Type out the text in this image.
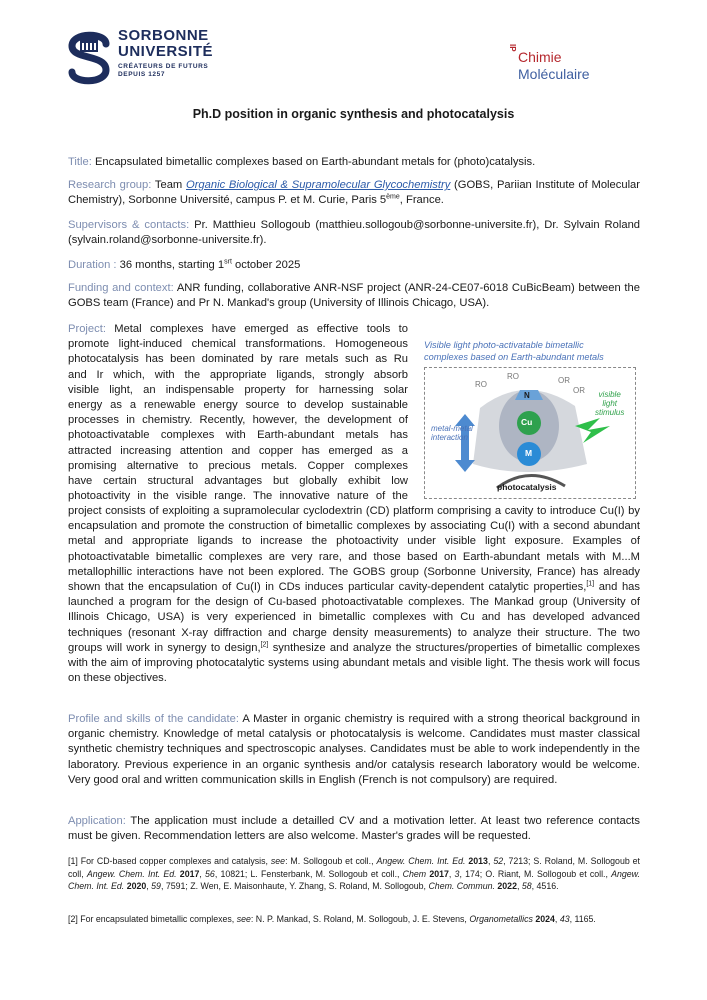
SORBONNE
UNIVERSITÉ
CRÉATEURS DE FUTURS
DEPUIS 1257
IP
Chimie
Moléculaire
Ph.D position in organic synthesis and photocatalysis
Title: Encapsulated bimetallic complexes based on Earth-abundant metals for (photo)catalysis.
Research group: Team Organic Biological & Supramolecular Glycochemistry (GOBS, Pariian Institute of Molecular Chemistry), Sorbonne Université, campus P. et M. Curie, Paris 5ème, France.
Supervisors & contacts: Pr. Matthieu Sollogoub (matthieu.sollogoub@sorbonne-universite.fr), Dr. Sylvain Roland (sylvain.roland@sorbonne-universite.fr).
Duration : 36 months, starting $1^{srt}$ october 2025
Funding and context: ANR funding, collaborative ANR-NSF project (ANR-24-CE07-6018 CuBicBeam) between the GOBS team (France) and Pr N. Mankad's group (University of Illinois Chicago, USA).
Project: Metal complexes have emerged as effective tools to
promote light-induced chemical transformations. Homogeneous
photocatalysis has been dominated by rare metals such as Ru
and Ir which, with the appropriate ligands, strongly absorb
visible light, an indispensable property for harnessing solar
energy as a renewable energy source to develop sustainable
processes in chemistry. Recently, however, the development of
photoactivatable complexes with Earth-abundant metals has
attracted increasing attention and copper has emerged as a
promising alternative to precious metals. Copper complexes
have certain structural advantages but globally exhibit low
photoactivity in the visible range. The innovative nature of the
Visible light photo-activatable bimetallic
complexes based on Earth-abundant metals
RO
RO	OR
OR
N
Cu
M
metal-metal
interaction
visible
light
stimulus
photocatalysis
project consists of exploiting a supramolecular cyclodextrin (CD) platform comprising a cavity to introduce Cu(I) by encapsulation and promote the construction of bimetallic complexes by associating Cu(I) with a second abundant metal and appropriate ligands to increase the photoactivity under visible light exposure. Examples of photoactivatable bimetallic complexes are very rare, and those based on Earth-abundant metals with M...M metallophillic interactions have not been explored. The GOBS group (Sorbonne University, France) has already shown that the encapsulation of Cu(I) in CDs induces particular cavity-dependent catalytic properties,[1] and has launched a program for the design of Cu-based photoactivatable complexes. The Mankad group (University of Illinois Chicago, USA) is very experienced in bimetallic complexes with Cu and has developed advanced techniques (resonant X-ray diffraction and charge density measurements) to analyze their structure. The two groups will work in synergy to design,[2] synthesize and analyze the structures/properties of bimetallic complexes with the aim of improving photocatalytic systems using abundant metals and visible light. The thesis work will focus on these objectives.
Profile and skills of the candidate: A Master in organic chemistry is required with a strong theorical background in organic chemistry. Knowledge of metal catalysis or photocatalysis is welcome. Candidates must master classical synthetic chemistry techniques and spectroscopic analyses. Candidates must be able to work independently in the laboratory. Previous experience in an organic synthesis and/or catalysis research laboratory would be welcome. Very good oral and written communication skills in English (French is not compulsory) are required.
Application: The application must include a detailled CV and a motivation letter. At least two reference contacts must be given. Recommendation letters are also welcome. Master's grades will be requested.
[1] For CD-based copper complexes and catalysis, see: M. Sollogoub et coll., Angew. Chem. Int. Ed. 2013, 52, 7213; S. Roland, M. Sollogoub et coll, Angew. Chem. Int. Ed. 2017, 56, 10821; L. Fensterbank, M. Sollogoub et coll., Chem 2017, 3, 174; O. Riant, M. Sollogoub et coll., Angew. Chem. Int. Ed. 2020, 59, 7591; Z. Wen, E. Maisonhaute, Y. Zhang, S. Roland, M. Sollogoub, Chem. Commun. 2022, 58, 4516.
[2] For encapsulated bimetallic complexes, see: N. P. Mankad, S. Roland, M. Sollogoub, J. E. Stevens, Organometallics 2024, 43, 1165.
